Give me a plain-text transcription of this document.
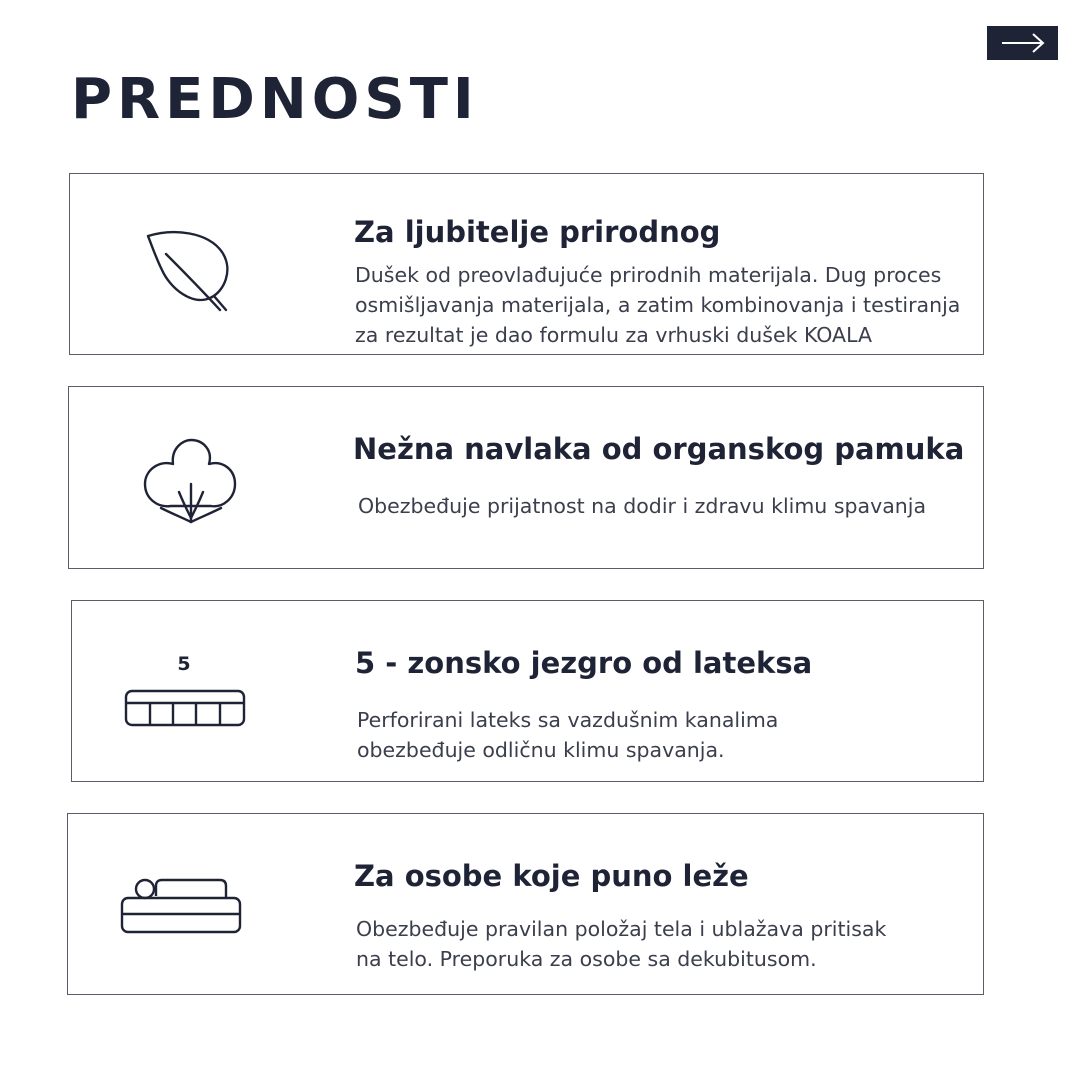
PREDNOSTI
Za ljubitelje prirodnog
Dušek od preovlađujuće prirodnih materijala. Dug proces
osmišljavanja materijala, a zatim kombinovanja i testiranja
za rezultat je dao formulu za vrhuski dušek KOALA
Nežna navlaka od organskog pamuka
Obezbeđuje prijatnost na dodir i zdravu klimu spavanja
5	5 - zonsko jezgro od lateksa
Perforirani lateks sa vazdušnim kanalima
obezbeđuje odličnu klimu spavanja.
Za osobe koje puno leže
Obezbeđuje pravilan položaj tela i ublažava pritisak
na telo. Preporuka za osobe sa dekubitusom.
